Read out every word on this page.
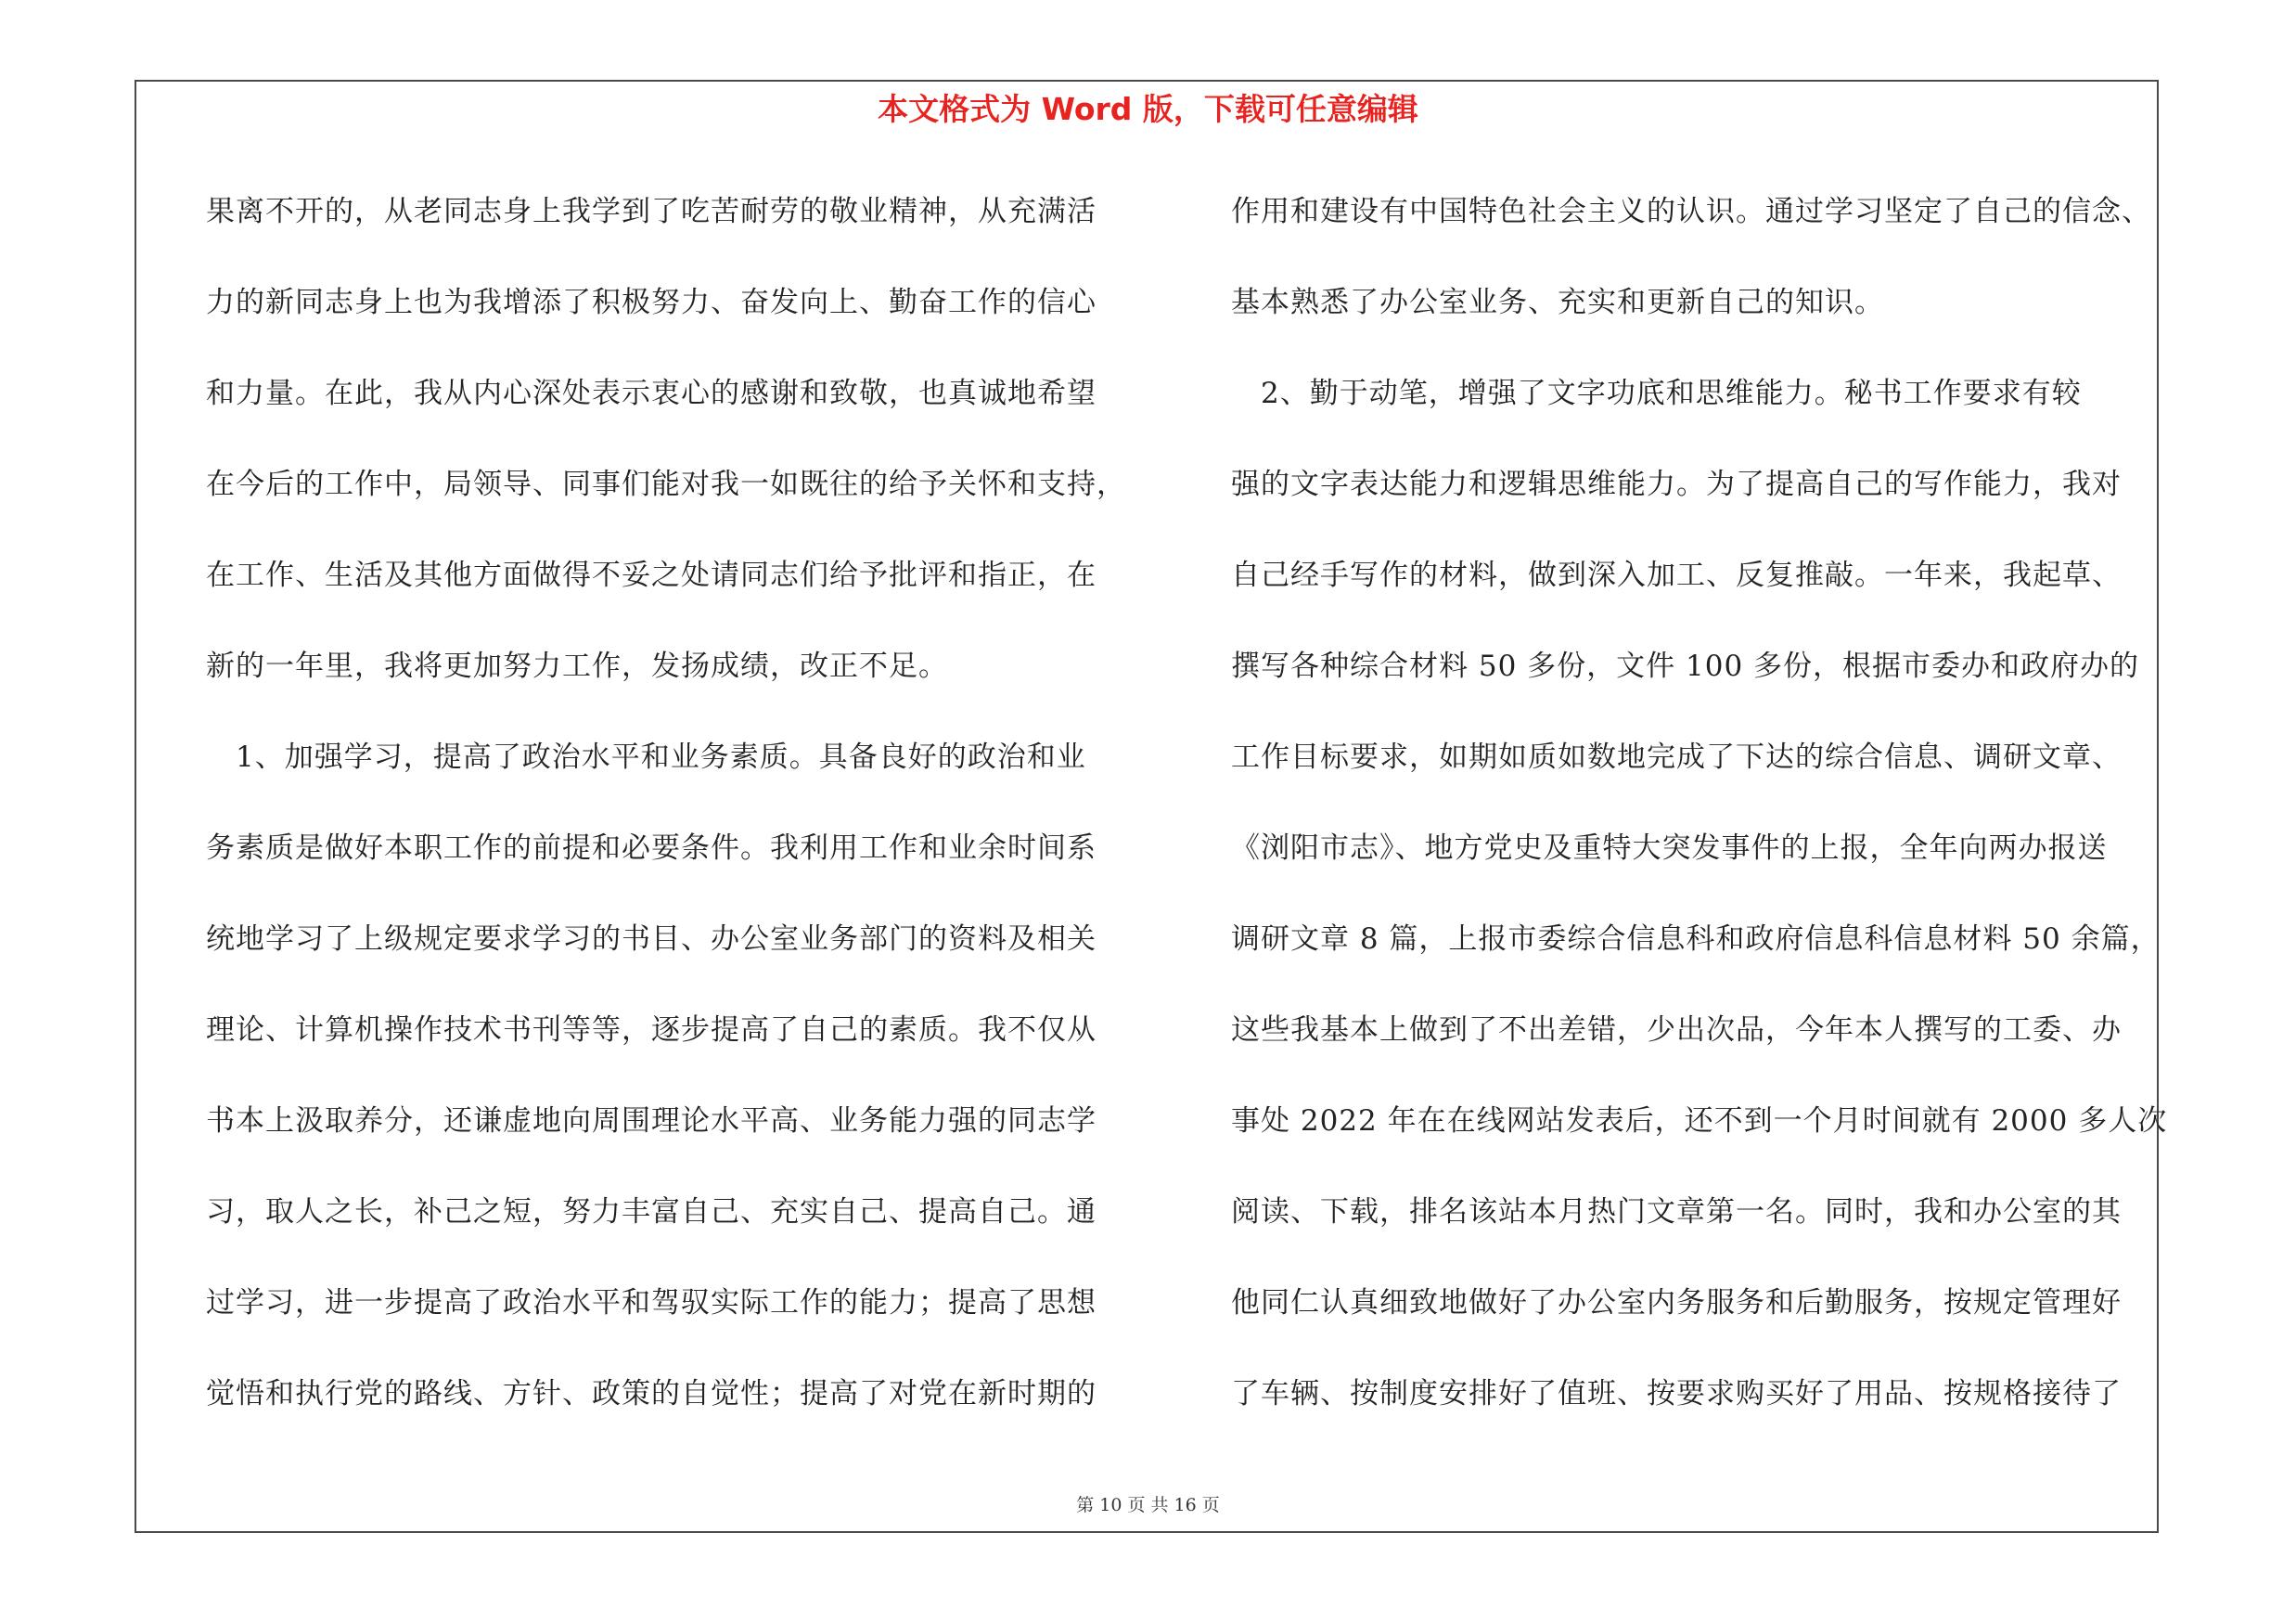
本文格式为 Word 版，下载可任意编辑
果离不开的，从老同志身上我学到了吃苦耐劳的敬业精神，从充满活
力的新同志身上也为我增添了积极努力、奋发向上、勤奋工作的信心
和力量。在此，我从内心深处表示衷心的感谢和致敬，也真诚地希望
在今后的工作中，局领导、同事们能对我一如既往的给予关怀和支持，
在工作、生活及其他方面做得不妥之处请同志们给予批评和指正，在
新的一年里，我将更加努力工作，发扬成绩，改正不足。
　1、加强学习，提高了政治水平和业务素质。具备良好的政治和业
务素质是做好本职工作的前提和必要条件。我利用工作和业余时间系
统地学习了上级规定要求学习的书目、办公室业务部门的资料及相关
理论、计算机操作技术书刊等等，逐步提高了自己的素质。我不仅从
书本上汲取养分，还谦虚地向周围理论水平高、业务能力强的同志学
习，取人之长，补己之短，努力丰富自己、充实自己、提高自己。通
过学习，进一步提高了政治水平和驾驭实际工作的能力；提高了思想
觉悟和执行党的路线、方针、政策的自觉性；提高了对党在新时期的
作用和建设有中国特色社会主义的认识。通过学习坚定了自己的信念、
基本熟悉了办公室业务、充实和更新自己的知识。
　2、勤于动笔，增强了文字功底和思维能力。秘书工作要求有较
强的文字表达能力和逻辑思维能力。为了提高自己的写作能力，我对
自己经手写作的材料，做到深入加工、反复推敲。一年来，我起草、
撰写各种综合材料 50 多份，文件 100 多份，根据市委办和政府办的
工作目标要求，如期如质如数地完成了下达的综合信息、调研文章、
《浏阳市志》、地方党史及重特大突发事件的上报，全年向两办报送
调研文章 8 篇，上报市委综合信息科和政府信息科信息材料 50 余篇，
这些我基本上做到了不出差错，少出次品，今年本人撰写的工委、办
事处 2022 年在在线网站发表后，还不到一个月时间就有 2000 多人次
阅读、下载，排名该站本月热门文章第一名。同时，我和办公室的其
他同仁认真细致地做好了办公室内务服务和后勤服务，按规定管理好
了车辆、按制度安排好了值班、按要求购买好了用品、按规格接待了
第 10 页 共 16 页
